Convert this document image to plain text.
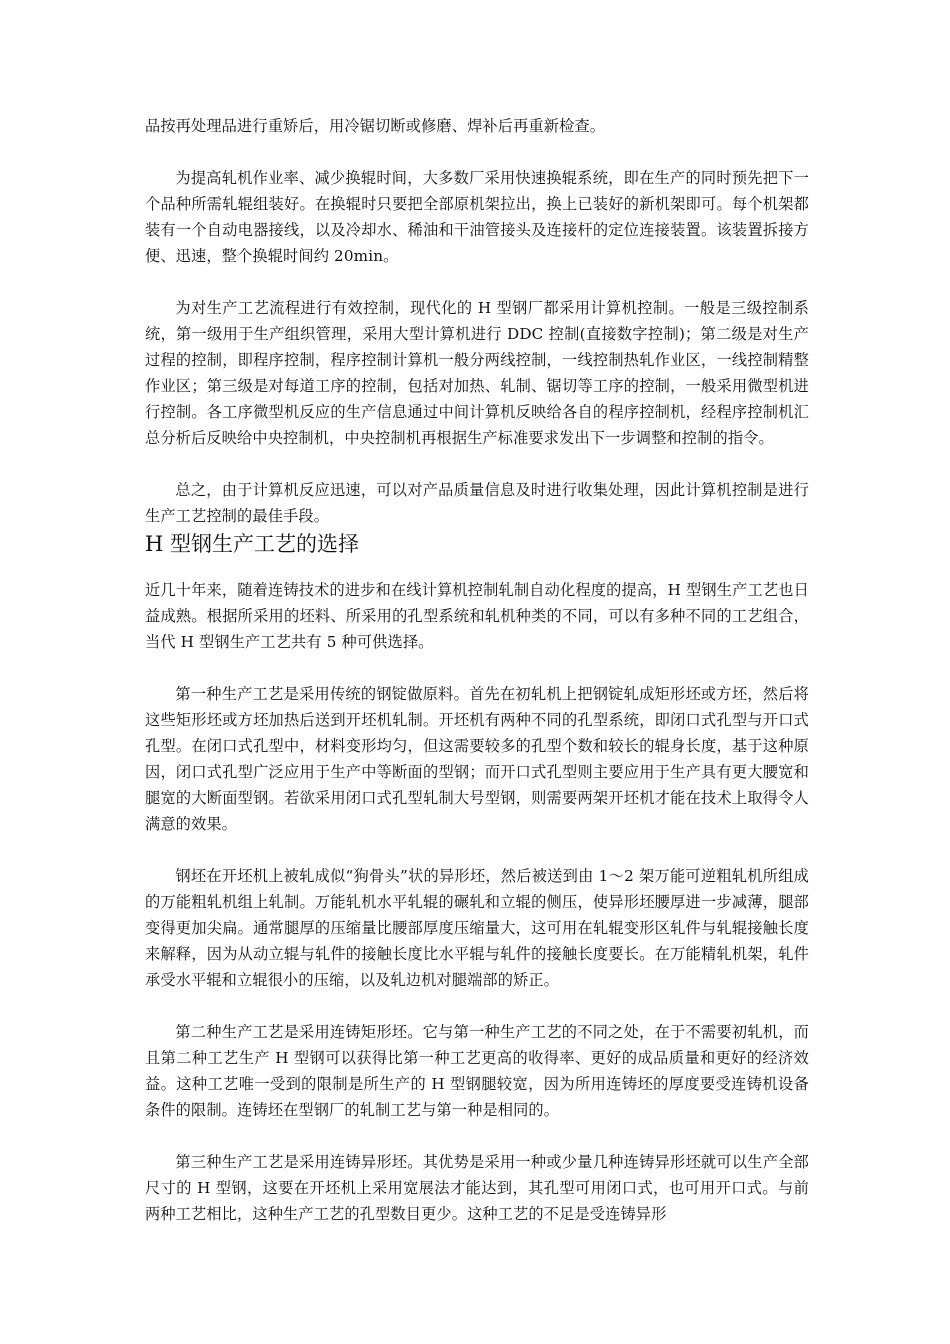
品按再处理品进行重矫后，用冷锯切断或修磨、焊补后再重新检查。

为提高轧机作业率、减少换辊时间，大多数厂采用快速换辊系统，即在生产的同时预先把下一个品种所需轧辊组装好。在换辊时只要把全部原机架拉出，换上已装好的新机架即可。每个机架都装有一个自动电器接线，以及冷却水、稀油和干油管接头及连接杆的定位连接装置。该装置拆接方便、迅速，整个换辊时间约 20min。

为对生产工艺流程进行有效控制，现代化的 H 型钢厂都采用计算机控制。一般是三级控制系统，第一级用于生产组织管理，采用大型计算机进行 DDC 控制(直接数字控制)；第二级是对生产过程的控制，即程序控制，程序控制计算机一般分两线控制，一线控制热轧作业区，一线控制精整作业区；第三级是对每道工序的控制，包括对加热、轧制、锯切等工序的控制，一般采用微型机进行控制。各工序微型机反应的生产信息通过中间计算机反映给各自的程序控制机，经程序控制机汇总分析后反映给中央控制机，中央控制机再根据生产标准要求发出下一步调整和控制的指令。

总之，由于计算机反应迅速，可以对产品质量信息及时进行收集处理，因此计算机控制是进行生产工艺控制的最佳手段。

H 型钢生产工艺的选择

近几十年来，随着连铸技术的进步和在线计算机控制轧制自动化程度的提高，H 型钢生产工艺也日益成熟。根据所采用的坯料、所采用的孔型系统和轧机种类的不同，可以有多种不同的工艺组合，当代 H 型钢生产工艺共有 5 种可供选择。

第一种生产工艺是采用传统的钢锭做原料。首先在初轧机上把钢锭轧成矩形坯或方坯，然后将这些矩形坯或方坯加热后送到开坯机轧制。开坯机有两种不同的孔型系统，即闭口式孔型与开口式孔型。在闭口式孔型中，材料变形均匀，但这需要较多的孔型个数和较长的辊身长度，基于这种原因，闭口式孔型广泛应用于生产中等断面的型钢；而开口式孔型则主要应用于生产具有更大腰宽和腿宽的大断面型钢。若欲采用闭口式孔型轧制大号型钢，则需要两架开坯机才能在技术上取得令人满意的效果。

钢坯在开坯机上被轧成似“狗骨头”状的异形坯，然后被送到由 1～2 架万能可逆粗轧机所组成的万能粗轧机组上轧制。万能轧机水平轧辊的碾轧和立辊的侧压，使异形坯腰厚进一步减薄，腿部变得更加尖扁。通常腿厚的压缩量比腰部厚度压缩量大，这可用在轧辊变形区轧件与轧辊接触长度来解释，因为从动立辊与轧件的接触长度比水平辊与轧件的接触长度要长。在万能精轧机架，轧件承受水平辊和立辊很小的压缩，以及轧边机对腿端部的矫正。

第二种生产工艺是采用连铸矩形坯。它与第一种生产工艺的不同之处，在于不需要初轧机，而且第二种工艺生产 H 型钢可以获得比第一种工艺更高的收得率、更好的成品质量和更好的经济效益。这种工艺唯一受到的限制是所生产的 H 型钢腿较宽，因为所用连铸坯的厚度要受连铸机设备条件的限制。连铸坯在型钢厂的轧制工艺与第一种是相同的。

第三种生产工艺是采用连铸异形坯。其优势是采用一种或少量几种连铸异形坯就可以生产全部尺寸的 H 型钢，这要在开坯机上采用宽展法才能达到，其孔型可用闭口式，也可用开口式。与前两种工艺相比，这种生产工艺的孔型数目更少。这种工艺的不足是受连铸异形
